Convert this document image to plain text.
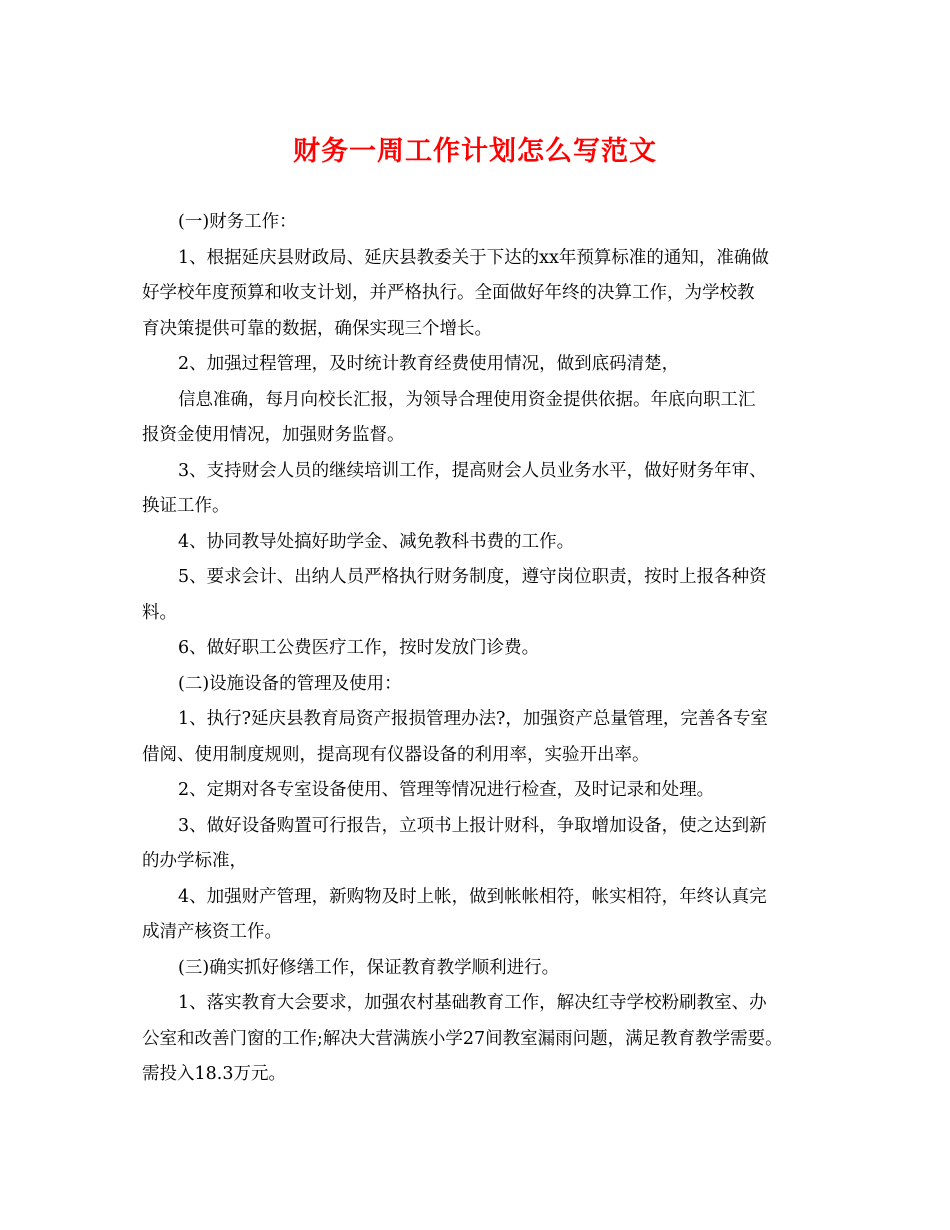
财务一周工作计划怎么写范文
(一)财务工作：
1、根据延庆县财政局、延庆县教委关于下达的xx年预算标准的通知，准确做
好学校年度预算和收支计划，并严格执行。全面做好年终的决算工作，为学校教
育决策提供可靠的数据，确保实现三个增长。
2、加强过程管理，及时统计教育经费使用情况，做到底码清楚，
信息准确，每月向校长汇报，为领导合理使用资金提供依据。年底向职工汇
报资金使用情况，加强财务监督。
3、支持财会人员的继续培训工作，提高财会人员业务水平，做好财务年审、
换证工作。
4、协同教导处搞好助学金、减免教科书费的工作。
5、要求会计、出纳人员严格执行财务制度，遵守岗位职责，按时上报各种资
料。
6、做好职工公费医疗工作，按时发放门诊费。
(二)设施设备的管理及使用：
1、执行?延庆县教育局资产报损管理办法?，加强资产总量管理，完善各专室
借阅、使用制度规则，提高现有仪器设备的利用率，实验开出率。
2、定期对各专室设备使用、管理等情况进行检查，及时记录和处理。
3、做好设备购置可行报告，立项书上报计财科，争取增加设备，使之达到新
的办学标准，
4、加强财产管理，新购物及时上帐，做到帐帐相符，帐实相符，年终认真完
成清产核资工作。
(三)确实抓好修缮工作，保证教育教学顺利进行。
1、落实教育大会要求，加强农村基础教育工作，解决红寺学校粉刷教室、办
公室和改善门窗的工作;解决大营满族小学27间教室漏雨问题，满足教育教学需要。
需投入18.3万元。
